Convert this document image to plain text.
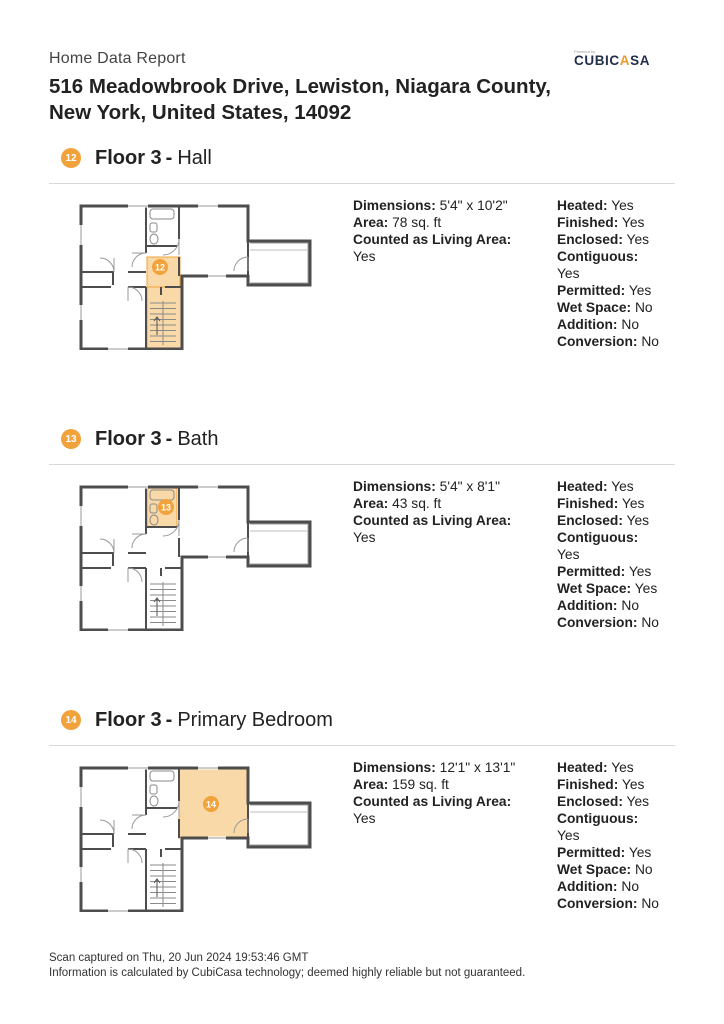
Home Data Report
516 Meadowbrook Drive, Lewiston, Niagara County, New York, United States, 14092
Powered by
CUBICASA
12 Floor 3 - Hall
12
Dimensions: 5'4" x 10'2"
Area: 78 sq. ft
Counted as Living Area:
Yes
Heated: Yes
Finished: Yes
Enclosed: Yes
Contiguous:
Yes
Permitted: Yes
Wet Space: No
Addition: No
Conversion: No
13 Floor 3 - Bath
13
Dimensions: 5'4" x 8'1"
Area: 43 sq. ft
Counted as Living Area:
Yes
Heated: Yes
Finished: Yes
Enclosed: Yes
Contiguous:
Yes
Permitted: Yes
Wet Space: Yes
Addition: No
Conversion: No
14 Floor 3 - Primary Bedroom
14
Dimensions: 12'1" x 13'1"
Area: 159 sq. ft
Counted as Living Area:
Yes
Heated: Yes
Finished: Yes
Enclosed: Yes
Contiguous:
Yes
Permitted: Yes
Wet Space: No
Addition: No
Conversion: No
Scan captured on Thu, 20 Jun 2024 19:53:46 GMT
Information is calculated by CubiCasa technology; deemed highly reliable but not guaranteed.
